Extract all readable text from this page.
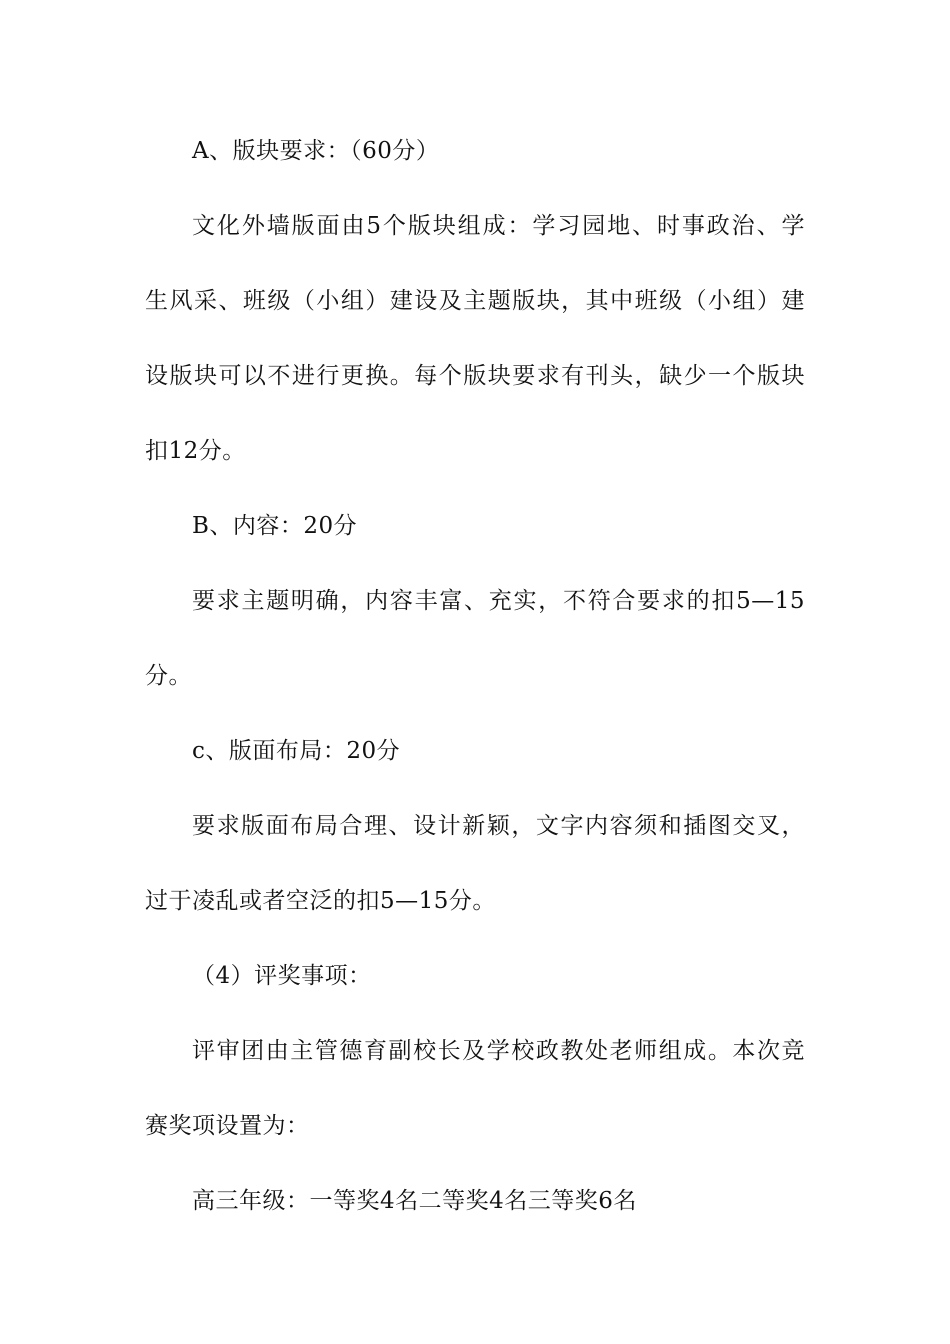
A、版块要求：（60分）
文化外墙版面由5个版块组成：学习园地、时事政治、学
生风采、班级（小组）建设及主题版块，其中班级（小组）建
设版块可以不进行更换。每个版块要求有刊头，缺少一个版块
扣12分。
B、内容：20分
要求主题明确，内容丰富、充实，不符合要求的扣5—15
分。
c、版面布局：20分
要求版面布局合理、设计新颖，文字内容须和插图交叉，
过于凌乱或者空泛的扣5—15分。
（4）评奖事项：
评审团由主管德育副校长及学校政教处老师组成。本次竞
赛奖项设置为：
高三年级：一等奖4名二等奖4名三等奖6名
